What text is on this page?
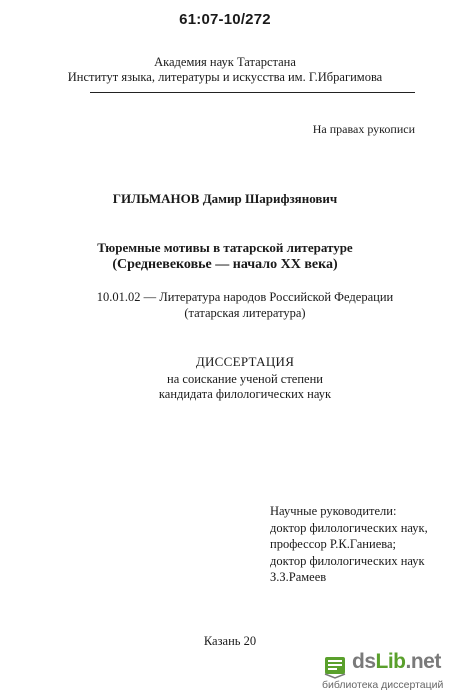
61:07-10/272
Академия наук Татарстана
Институт языка, литературы и искусства им. Г.Ибрагимова
На правах рукописи
ГИЛЬМАНОВ Дамир Шарифзянович
Тюремные мотивы в татарской литературе
(Средневековье — начало XX века)
10.01.02 — Литература народов Российской Федерации
(татарская литература)
ДИССЕРТАЦИЯ
на соискание ученой степени
кандидата филологических наук
Научные руководители:
доктор филологических наук,
профессор Р.К.Ганиева;
доктор филологических наук
З.З.Рамеев
Казань 20
dsLib.net
библиотека диссертаций
